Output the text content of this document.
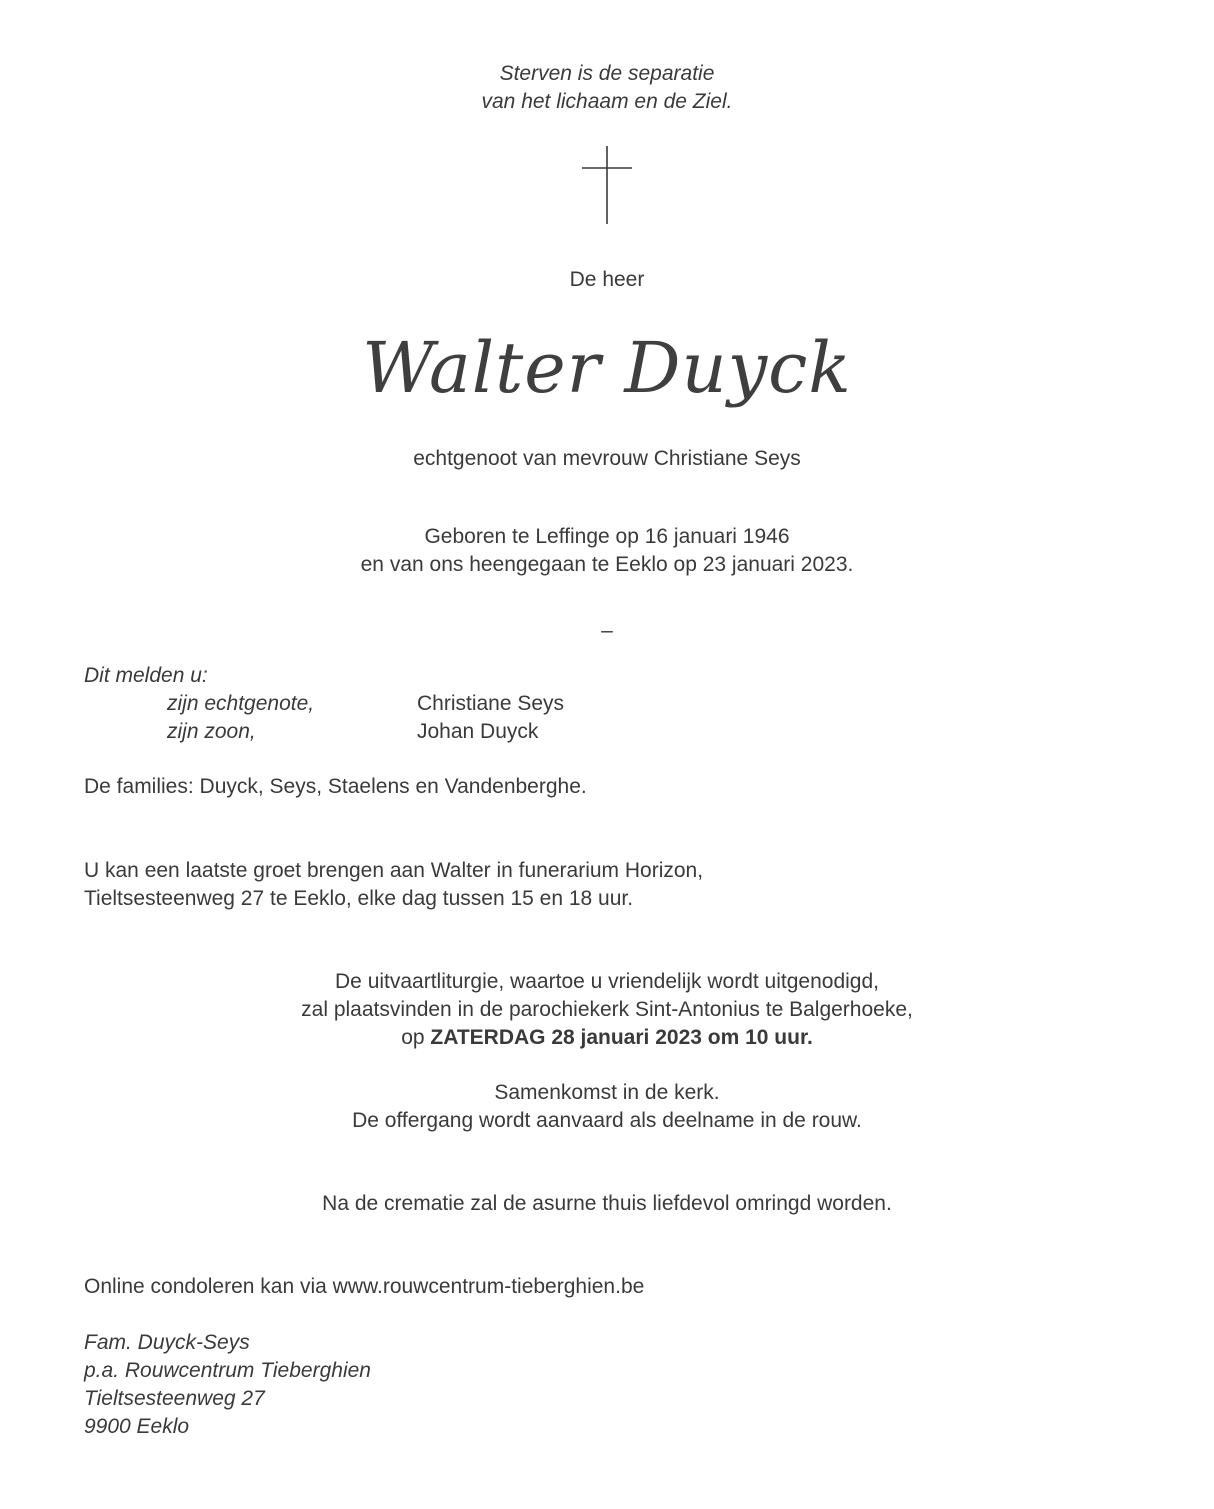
Sterven is de separatie
van het lichaam en de Ziel.
De heer
Walter Duyck
echtgenoot van mevrouw Christiane Seys
Geboren te Leffinge op 16 januari 1946
en van ons heengegaan te Eeklo op 23 januari 2023.
–
Dit melden u:
zijn echtgenote,	Christiane Seys
zijn zoon,	Johan Duyck
De families: Duyck, Seys, Staelens en Vandenberghe.
U kan een laatste groet brengen aan Walter in funerarium Horizon,
Tieltsesteenweg 27 te Eeklo, elke dag tussen 15 en 18 uur.
De uitvaartliturgie, waartoe u vriendelijk wordt uitgenodigd,
zal plaatsvinden in de parochiekerk Sint-Antonius te Balgerhoeke,
op ZATERDAG 28 januari 2023 om 10 uur.
Samenkomst in de kerk.
De offergang wordt aanvaard als deelname in de rouw.
Na de crematie zal de asurne thuis liefdevol omringd worden.
Online condoleren kan via www.rouwcentrum-tieberghien.be
Fam. Duyck-Seys
p.a. Rouwcentrum Tieberghien
Tieltsesteenweg 27
9900 Eeklo
